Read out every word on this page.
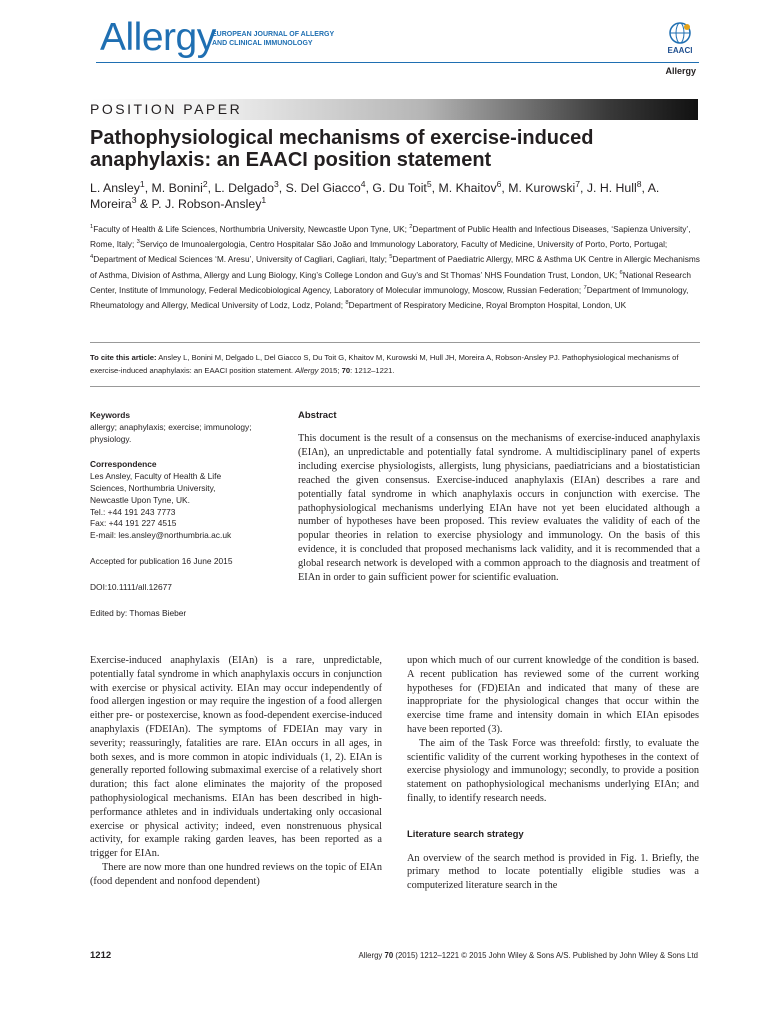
Allergy
EUROPEAN JOURNAL OF ALLERGY
AND CLINICAL IMMUNOLOGY
EAACI
Allergy
POSITION PAPER
Pathophysiological mechanisms of exercise-induced anaphylaxis: an EAACI position statement
L. Ansley$^1$, M. Bonini$^2$, L. Delgado$^3$, S. Del Giacco$^4$, G. Du Toit$^5$, M. Khaitov$^6$, M. Kurowski$^7$, J. H. Hull$^8$, A. Moreira$^3$ & P. J. Robson-Ansley$^1$
$^1$Faculty of Health & Life Sciences, Northumbria University, Newcastle Upon Tyne, UK; $^2$Department of Public Health and Infectious Diseases, ‘Sapienza University’, Rome, Italy; $^3$Serviço de Imunoalergologia, Centro Hospitalar São João and Immunology Laboratory, Faculty of Medicine, University of Porto, Porto, Portugal; $^4$Department of Medical Sciences ‘M. Aresu’, University of Cagliari, Cagliari, Italy; $^5$Department of Paediatric Allergy, MRC & Asthma UK Centre in Allergic Mechanisms of Asthma, Division of Asthma, Allergy and Lung Biology, King’s College London and Guy’s and St Thomas’ NHS Foundation Trust, London, UK; $^6$National Research Center, Institute of Immunology, Federal Medicobiological Agency, Laboratory of Molecular immunology, Moscow, Russian Federation; $^7$Department of Immunology, Rheumatology and Allergy, Medical University of Lodz, Lodz, Poland; $^8$Department of Respiratory Medicine, Royal Brompton Hospital, London, UK
To cite this article: Ansley L, Bonini M, Delgado L, Del Giacco S, Du Toit G, Khaitov M, Kurowski M, Hull JH, Moreira A, Robson-Ansley PJ. Pathophysiological mechanisms of exercise-induced anaphylaxis: an EAACI position statement. Allergy 2015; 70: 1212–1221.
Keywords
allergy; anaphylaxis; exercise; immunology; physiology.
Correspondence
Les Ansley, Faculty of Health & Life
Sciences, Northumbria University,
Newcastle Upon Tyne, UK.
Tel.: +44 191 243 7773
Fax: +44 191 227 4515
E-mail: les.ansley@northumbria.ac.uk
Accepted for publication 16 June 2015
DOI:10.1111/all.12677
Edited by: Thomas Bieber
Abstract
This document is the result of a consensus on the mechanisms of exercise-induced anaphylaxis (EIAn), an unpredictable and potentially fatal syndrome. A multidisciplinary panel of experts including exercise physiologists, allergists, lung physicians, paediatricians and a biostatistician reached the given consensus. Exercise-induced anaphylaxis (EIAn) describes a rare and potentially fatal syndrome in which anaphylaxis occurs in conjunction with exercise. The pathophysiological mechanisms underlying EIAn have not yet been elucidated although a number of hypotheses have been proposed. This review evaluates the validity of each of the popular theories in relation to exercise physiology and immunology. On the basis of this evidence, it is concluded that proposed mechanisms lack validity, and it is recommended that a global research network is developed with a common approach to the diagnosis and treatment of EIAn in order to gain sufficient power for scientific evaluation.

Exercise-induced anaphylaxis (EIAn) is a rare, unpredictable, potentially fatal syndrome in which anaphylaxis occurs in conjunction with exercise or physical activity. EIAn may occur independently of food allergen ingestion or may require the ingestion of a food allergen either pre- or postexercise, known as food-dependent exercise-induced anaphylaxis (FDEIAn). The symptoms of FDEIAn may vary in severity; reassuringly, fatalities are rare. EIAn occurs in all ages, in both sexes, and is more common in atopic individuals (1, 2). EIAn is generally reported following submaximal exercise of a relatively short duration; this fact alone eliminates the majority of the proposed pathophysiological mechanisms. EIAn has been described in high-performance athletes and in individuals undertaking only occasional exercise or physical activity; indeed, even nonstrenuous physical activity, for example raking garden leaves, has been reported as a trigger for EIAn.

There are now more than one hundred reviews on the topic of EIAn (food dependent and nonfood dependent)

upon which much of our current knowledge of the condition is based. A recent publication has reviewed some of the current working hypotheses for (FD)EIAn and indicated that many of these are inappropriate for the physiological changes that occur within the exercise time frame and intensity domain in which EIAn episodes have been reported (3).

The aim of the Task Force was threefold: firstly, to evaluate the scientific validity of the current working hypotheses in the context of exercise physiology and immunology; secondly, to provide a position statement on pathophysiological mechanisms underlying EIAn; and finally, to identify research needs.

Literature search strategy

An overview of the search method is provided in Fig. 1. Briefly, the primary method to locate potentially eligible studies was a computerized literature search in the

1212	Allergy 70 (2015) 1212–1221 © 2015 John Wiley & Sons A/S. Published by John Wiley & Sons Ltd
